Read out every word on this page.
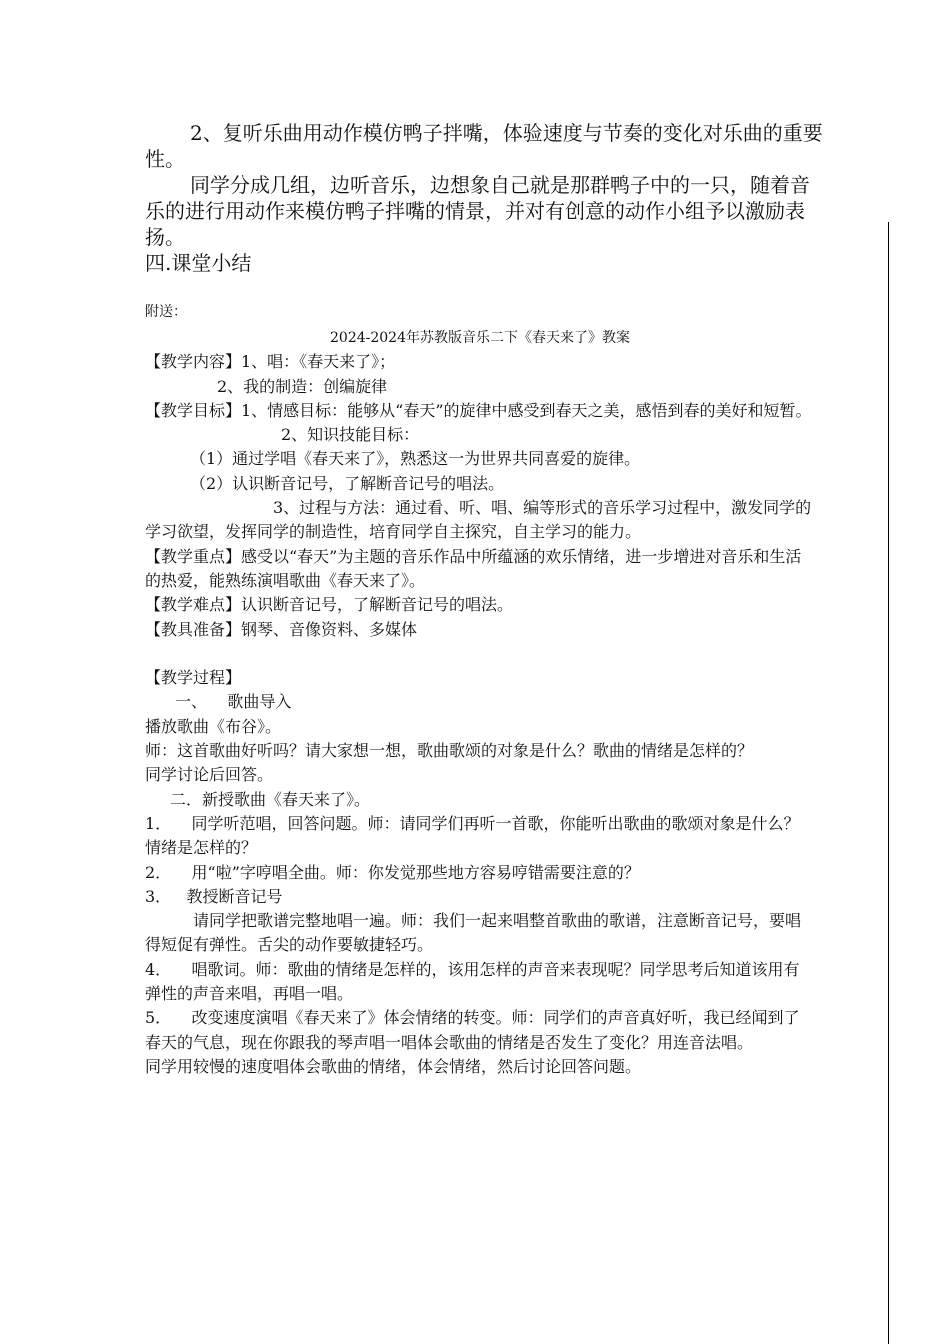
2、复听乐曲用动作模仿鸭子拌嘴，体验速度与节奏的变化对乐曲的重要性。

同学分成几组，边听音乐，边想象自己就是那群鸭子中的一只，随着音乐的进行用动作来模仿鸭子拌嘴的情景，并对有创意的动作小组予以激励表扬。

四.课堂小结

附送：

2024-2024年苏教版音乐二下《春天来了》教案

【教学内容】1、唱：《春天来了》；

2、我的制造：创编旋律

【教学目标】1、情感目标：能够从“春天”的旋律中感受到春天之美，感悟到春的美好和短暂。

2、知识技能目标：

（1）通过学唱《春天来了》，熟悉这一为世界共同喜爱的旋律。

（2）认识断音记号，了解断音记号的唱法。

3、过程与方法：通过看、听、唱、编等形式的音乐学习过程中，激发同学的学习欲望，发挥同学的制造性，培育同学自主探究，自主学习的能力。

【教学重点】感受以“春天”为主题的音乐作品中所蕴涵的欢乐情绪，进一步增进对音乐和生活的热爱，能熟练演唱歌曲《春天来了》。

【教学难点】认识断音记号，了解断音记号的唱法。

【教具准备】钢琴、音像资料、多媒体

【教学过程】

一、    歌曲导入

播放歌曲《布谷》。

师：这首歌曲好听吗？请大家想一想，歌曲歌颂的对象是什么？歌曲的情绪是怎样的？

同学讨论后回答。

二．新授歌曲《春天来了》。

1．    同学听范唱，回答问题。师：请同学们再听一首歌，你能听出歌曲的歌颂对象是什么？情绪是怎样的？

2．    用“啦”字哼唱全曲。师：你发觉那些地方容易哼错需要注意的？

3．   教授断音记号

请同学把歌谱完整地唱一遍。师：我们一起来唱整首歌曲的歌谱，注意断音记号，要唱得短促有弹性。舌尖的动作要敏捷轻巧。

4．    唱歌词。师：歌曲的情绪是怎样的，该用怎样的声音来表现呢？同学思考后知道该用有弹性的声音来唱，再唱一唱。

5．    改变速度演唱《春天来了》体会情绪的转变。师：同学们的声音真好听，我已经闻到了春天的气息，现在你跟我的琴声唱一唱体会歌曲的情绪是否发生了变化？用连音法唱。

同学用较慢的速度唱体会歌曲的情绪，体会情绪，然后讨论回答问题。
